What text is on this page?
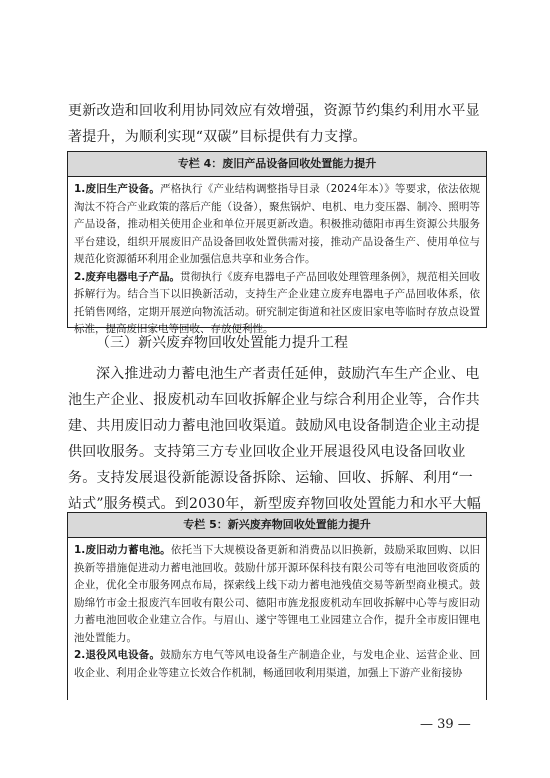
更新改造和回收利用协同效应有效增强，资源节约集约利用水平显著提升，为顺利实现“双碳”目标提供有力支撑。

专栏 4：废旧产品设备回收处置能力提升

1.废旧生产设备。严格执行《产业结构调整指导目录（2024年本）》等要求，依法依规淘汰不符合产业政策的落后产能（设备），聚焦锅炉、电机、电力变压器、制冷、照明等产品设备，推动相关使用企业和单位开展更新改造。积极推动德阳市再生资源公共服务平台建设，组织开展废旧产品设备回收处置供需对接，推动产品设备生产、使用单位与规范化资源循环利用企业加强信息共享和业务合作。

2.废弃电器电子产品。贯彻执行《废弃电器电子产品回收处理管理条例》，规范相关回收拆解行为。结合当下以旧换新活动，支持生产企业建立废弃电器电子产品回收体系，依托销售网络，定期开展逆向物流活动。研究制定街道和社区废旧家电等临时存放点设置标准，提高废旧家电等回收、存放便利性。

（三）新兴废弃物回收处置能力提升工程

深入推进动力蓄电池生产者责任延伸，鼓励汽车生产企业、电池生产企业、报废机动车回收拆解企业与综合利用企业等，合作共建、共用废旧动力蓄电池回收渠道。鼓励风电设备制造企业主动提供回收服务。支持第三方专业回收企业开展退役风电设备回收业务。支持发展退役新能源设备拆除、运输、回收、拆解、利用“一站式”服务模式。到2030年，新型废弃物回收处置能力和水平大幅

专栏 5：新兴废弃物回收处置能力提升

1.废旧动力蓄电池。依托当下大规模设备更新和消费品以旧换新，鼓励采取回购、以旧换新等措施促进动力蓄电池回收。鼓励什邡开源环保科技有限公司等有电池回收资质的企业，优化全市服务网点布局，探索线上线下动力蓄电池残值交易等新型商业模式。鼓励绵竹市金土报废汽车回收有限公司、德阳市旌龙报废机动车回收拆解中心等与废旧动力蓄电池回收企业建立合作。与眉山、遂宁等锂电工业园建立合作，提升全市废旧锂电池处置能力。

2.退役风电设备。鼓励东方电气等风电设备生产制造企业，与发电企业、运营企业、回收企业、利用企业等建立长效合作机制，畅通回收利用渠道，加强上下游产业衔接协

— 39 —
